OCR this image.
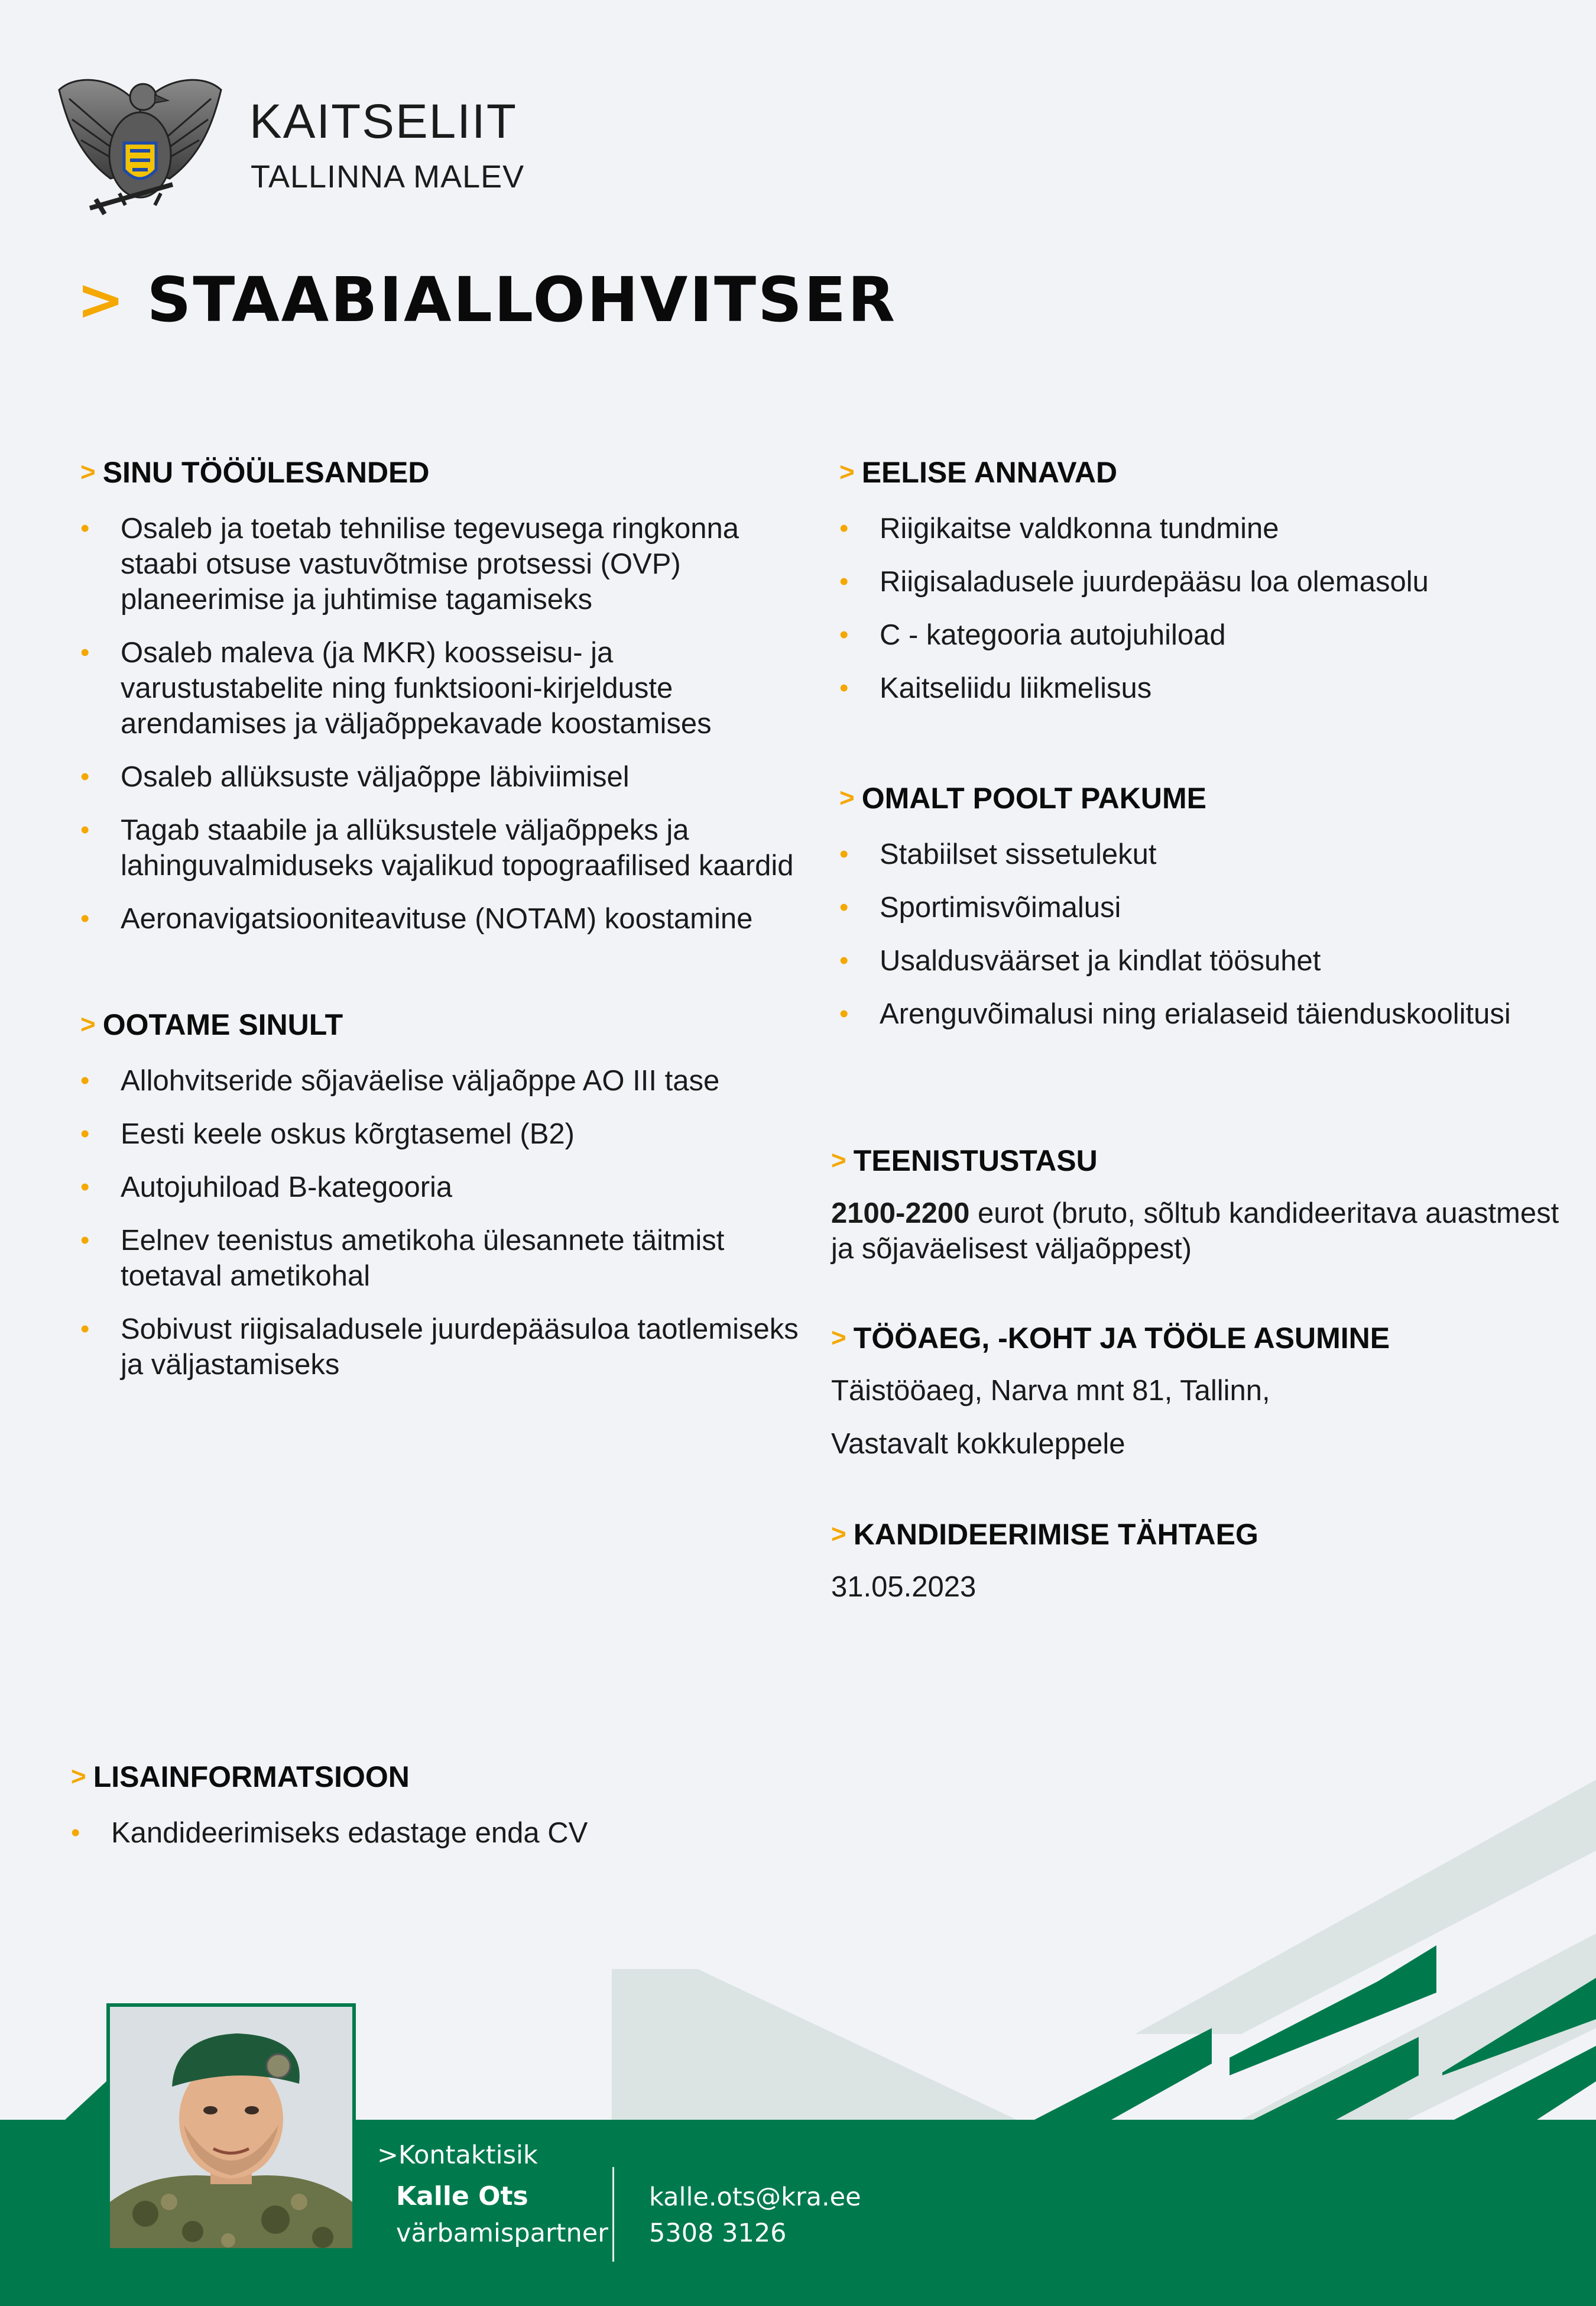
KAITSELIIT
TALLINNA MALEV
> STAABIALLOHVITSER
> SINU TÖÖÜLESANDED
• Osaleb ja toetab tehnilise tegevusega ringkonna staabi otsuse vastuvõtmise protsessi (OVP) planeerimise ja juhtimise tagamiseks
• Osaleb maleva (ja MKR) koosseisu- ja varustustabelite ning funktsiooni-kirjelduste arendamises ja väljaõppekavade koostamises
• Osaleb allüksuste väljaõppe läbiviimisel
• Tagab staabile ja allüksustele väljaõppeks ja lahinguvalmiduseks vajalikud topograafilised kaardid
• Aeronavigatsiooniteavituse (NOTAM) koostamine
> OOTAME SINULT
• Allohvitseride sõjaväelise väljaõppe AO III tase
• Eesti keele oskus kõrgtasemel (B2)
• Autojuhiload B-kategooria
• Eelnev teenistus ametikoha ülesannete täitmist toetaval ametikohal
• Sobivust riigisaladusele juurdepääsuloa taotlemiseks ja väljastamiseks
> EELISE ANNAVAD
• Riigikaitse valdkonna tundmine
• Riigisaladusele juurdepääsu loa olemasolu
• C - kategooria autojuhiload
• Kaitseliidu liikmelisus
> OMALT POOLT PAKUME
• Stabiilset sissetulekut
• Sportimisvõimalusi
• Usaldusväärset ja kindlat töösuhet
• Arenguvõimalusi ning erialaseid täienduskoolitusi
> TEENISTUSTASU
2100-2200 eurot (bruto, sõltub kandideeritava auastmest ja sõjaväelisest väljaõppest)
> TÖÖAEG, -KOHT JA TÖÖLE ASUMINE
Täistööaeg, Narva mnt 81, Tallinn,
Vastavalt kokkuleppele
> KANDIDEERIMISE TÄHTAEG
31.05.2023
> LISAINFORMATSIOON
• Kandideerimiseks edastage enda CV
>Kontaktisik
Kalle Ots
värbamispartner
kalle.ots@kra.ee
5308 3126
